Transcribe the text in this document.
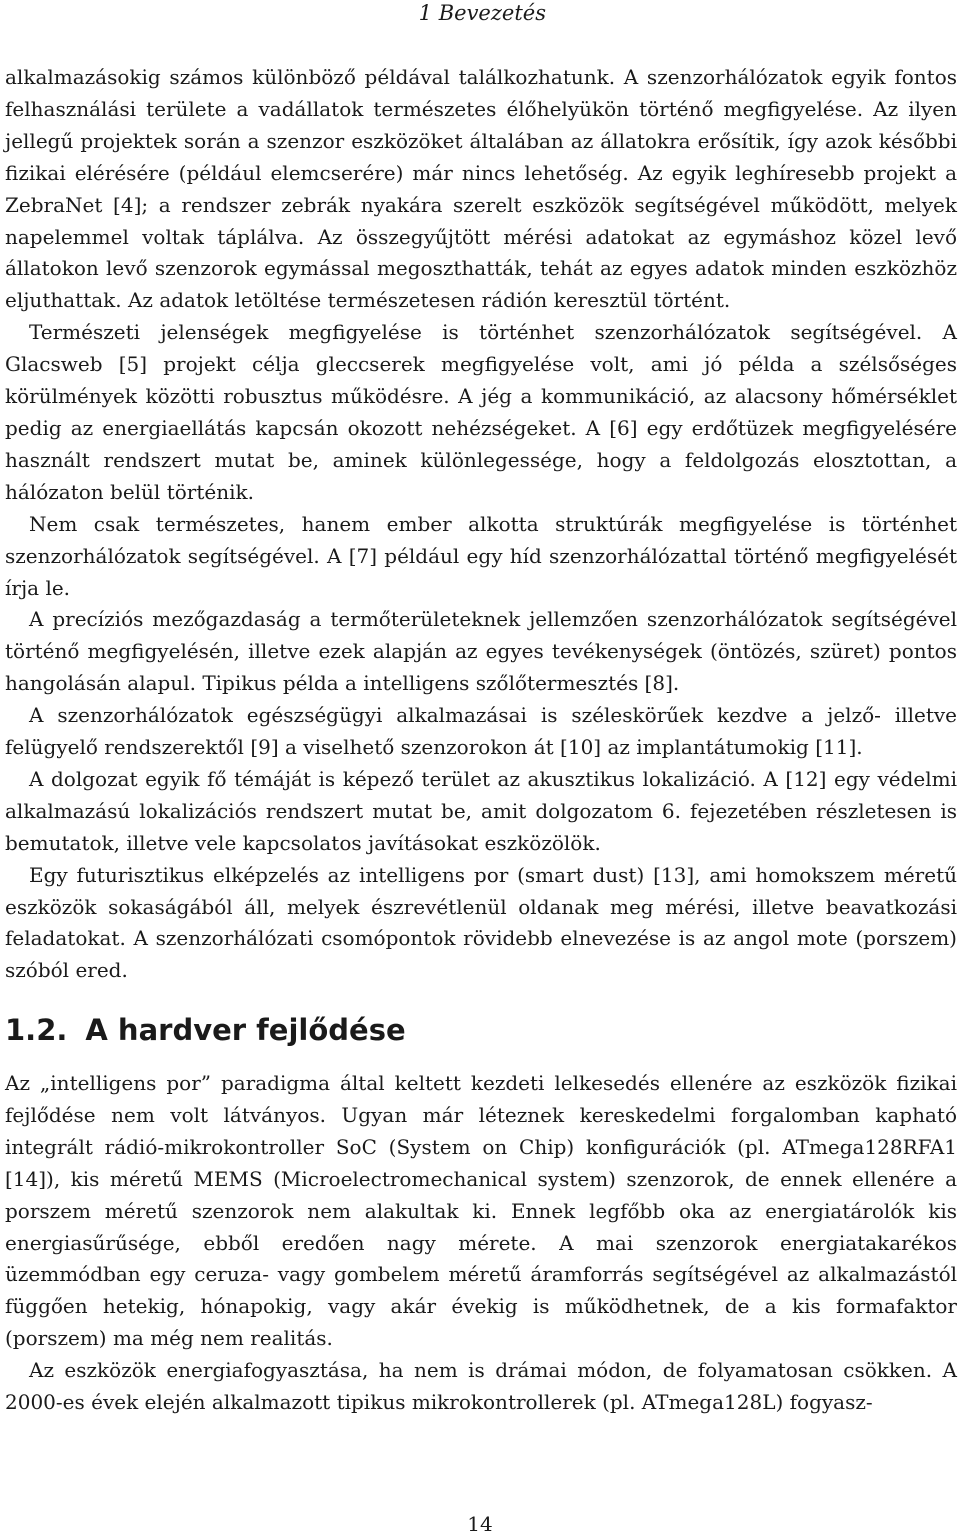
1 Bevezetés

alkalmazásokig számos különböző példával találkozhatunk. A szenzorhálózatok egyik fontos felhasználási területe a vadállatok természetes élőhelyükön történő megfigyelése. Az ilyen jellegű projektek során a szenzor eszközöket általában az állatokra erősítik, így azok későbbi fizikai elérésére (például elemcserére) már nincs lehetőség. Az egyik leghíresebb projekt a ZebraNet [4]; a rendszer zebrák nyakára szerelt eszközök segítségével működött, melyek napelemmel voltak táplálva. Az összegyűjtött mérési adatokat az egymáshoz közel levő állatokon levő szenzorok egymással megoszthatták, tehát az egyes adatok minden eszközhöz eljuthattak. Az adatok letöltése természetesen rádión keresztül történt.

Természeti jelenségek megfigyelése is történhet szenzorhálózatok segítségével. A Glacsweb [5] projekt célja gleccserek megfigyelése volt, ami jó példa a szélsőséges körülmények közötti robusztus működésre. A jég a kommunikáció, az alacsony hőmérséklet pedig az energiaellátás kapcsán okozott nehézségeket. A [6] egy erdőtüzek megfigyelésére használt rendszert mutat be, aminek különlegessége, hogy a feldolgozás elosztottan, a hálózaton belül történik.

Nem csak természetes, hanem ember alkotta struktúrák megfigyelése is történhet szenzorhálózatok segítségével. A [7] például egy híd szenzorhálózattal történő megfigyelését írja le.

A precíziós mezőgazdaság a termőterületeknek jellemzően szenzorhálózatok segítségével történő megfigyelésén, illetve ezek alapján az egyes tevékenységek (öntözés, szüret) pontos hangolásán alapul. Tipikus példa a intelligens szőlőtermesztés [8].

A szenzorhálózatok egészségügyi alkalmazásai is széleskörűek kezdve a jelző- illetve felügyelő rendszerektől [9] a viselhető szenzorokon át [10] az implantátumokig [11].

A dolgozat egyik fő témáját is képező terület az akusztikus lokalizáció. A [12] egy védelmi alkalmazású lokalizációs rendszert mutat be, amit dolgozatom 6. fejezetében részletesen is bemutatok, illetve vele kapcsolatos javításokat eszközölök.

Egy futurisztikus elképzelés az intelligens por (smart dust) [13], ami homokszem méretű eszközök sokaságából áll, melyek észrevétlenül oldanak meg mérési, illetve beavatkozási feladatokat. A szenzorhálózati csomópontok rövidebb elnevezése is az angol mote (porszem) szóból ered.

1.2. A hardver fejlődése

Az „intelligens por” paradigma által keltett kezdeti lelkesedés ellenére az eszközök fizikai fejlődése nem volt látványos. Ugyan már léteznek kereskedelmi forgalomban kapható integrált rádió-mikrokontroller SoC (System on Chip) konfigurációk (pl. ATmega128RFA1 [14]), kis méretű MEMS (Microelectromechanical system) szenzorok, de ennek ellenére a porszem méretű szenzorok nem alakultak ki. Ennek legfőbb oka az energiatárolók kis energiasűrűsége, ebből eredően nagy mérete. A mai szenzorok energiatakarékos üzemmódban egy ceruza- vagy gombelem méretű áramforrás segítségével az alkalmazástól függően hetekig, hónapokig, vagy akár évekig is működhetnek, de a kis formafaktor (porszem) ma még nem realitás.

Az eszközök energiafogyasztása, ha nem is drámai módon, de folyamatosan csökken. A 2000-es évek elején alkalmazott tipikus mikrokontrollerek (pl. ATmega128L) fogyasz-

14
